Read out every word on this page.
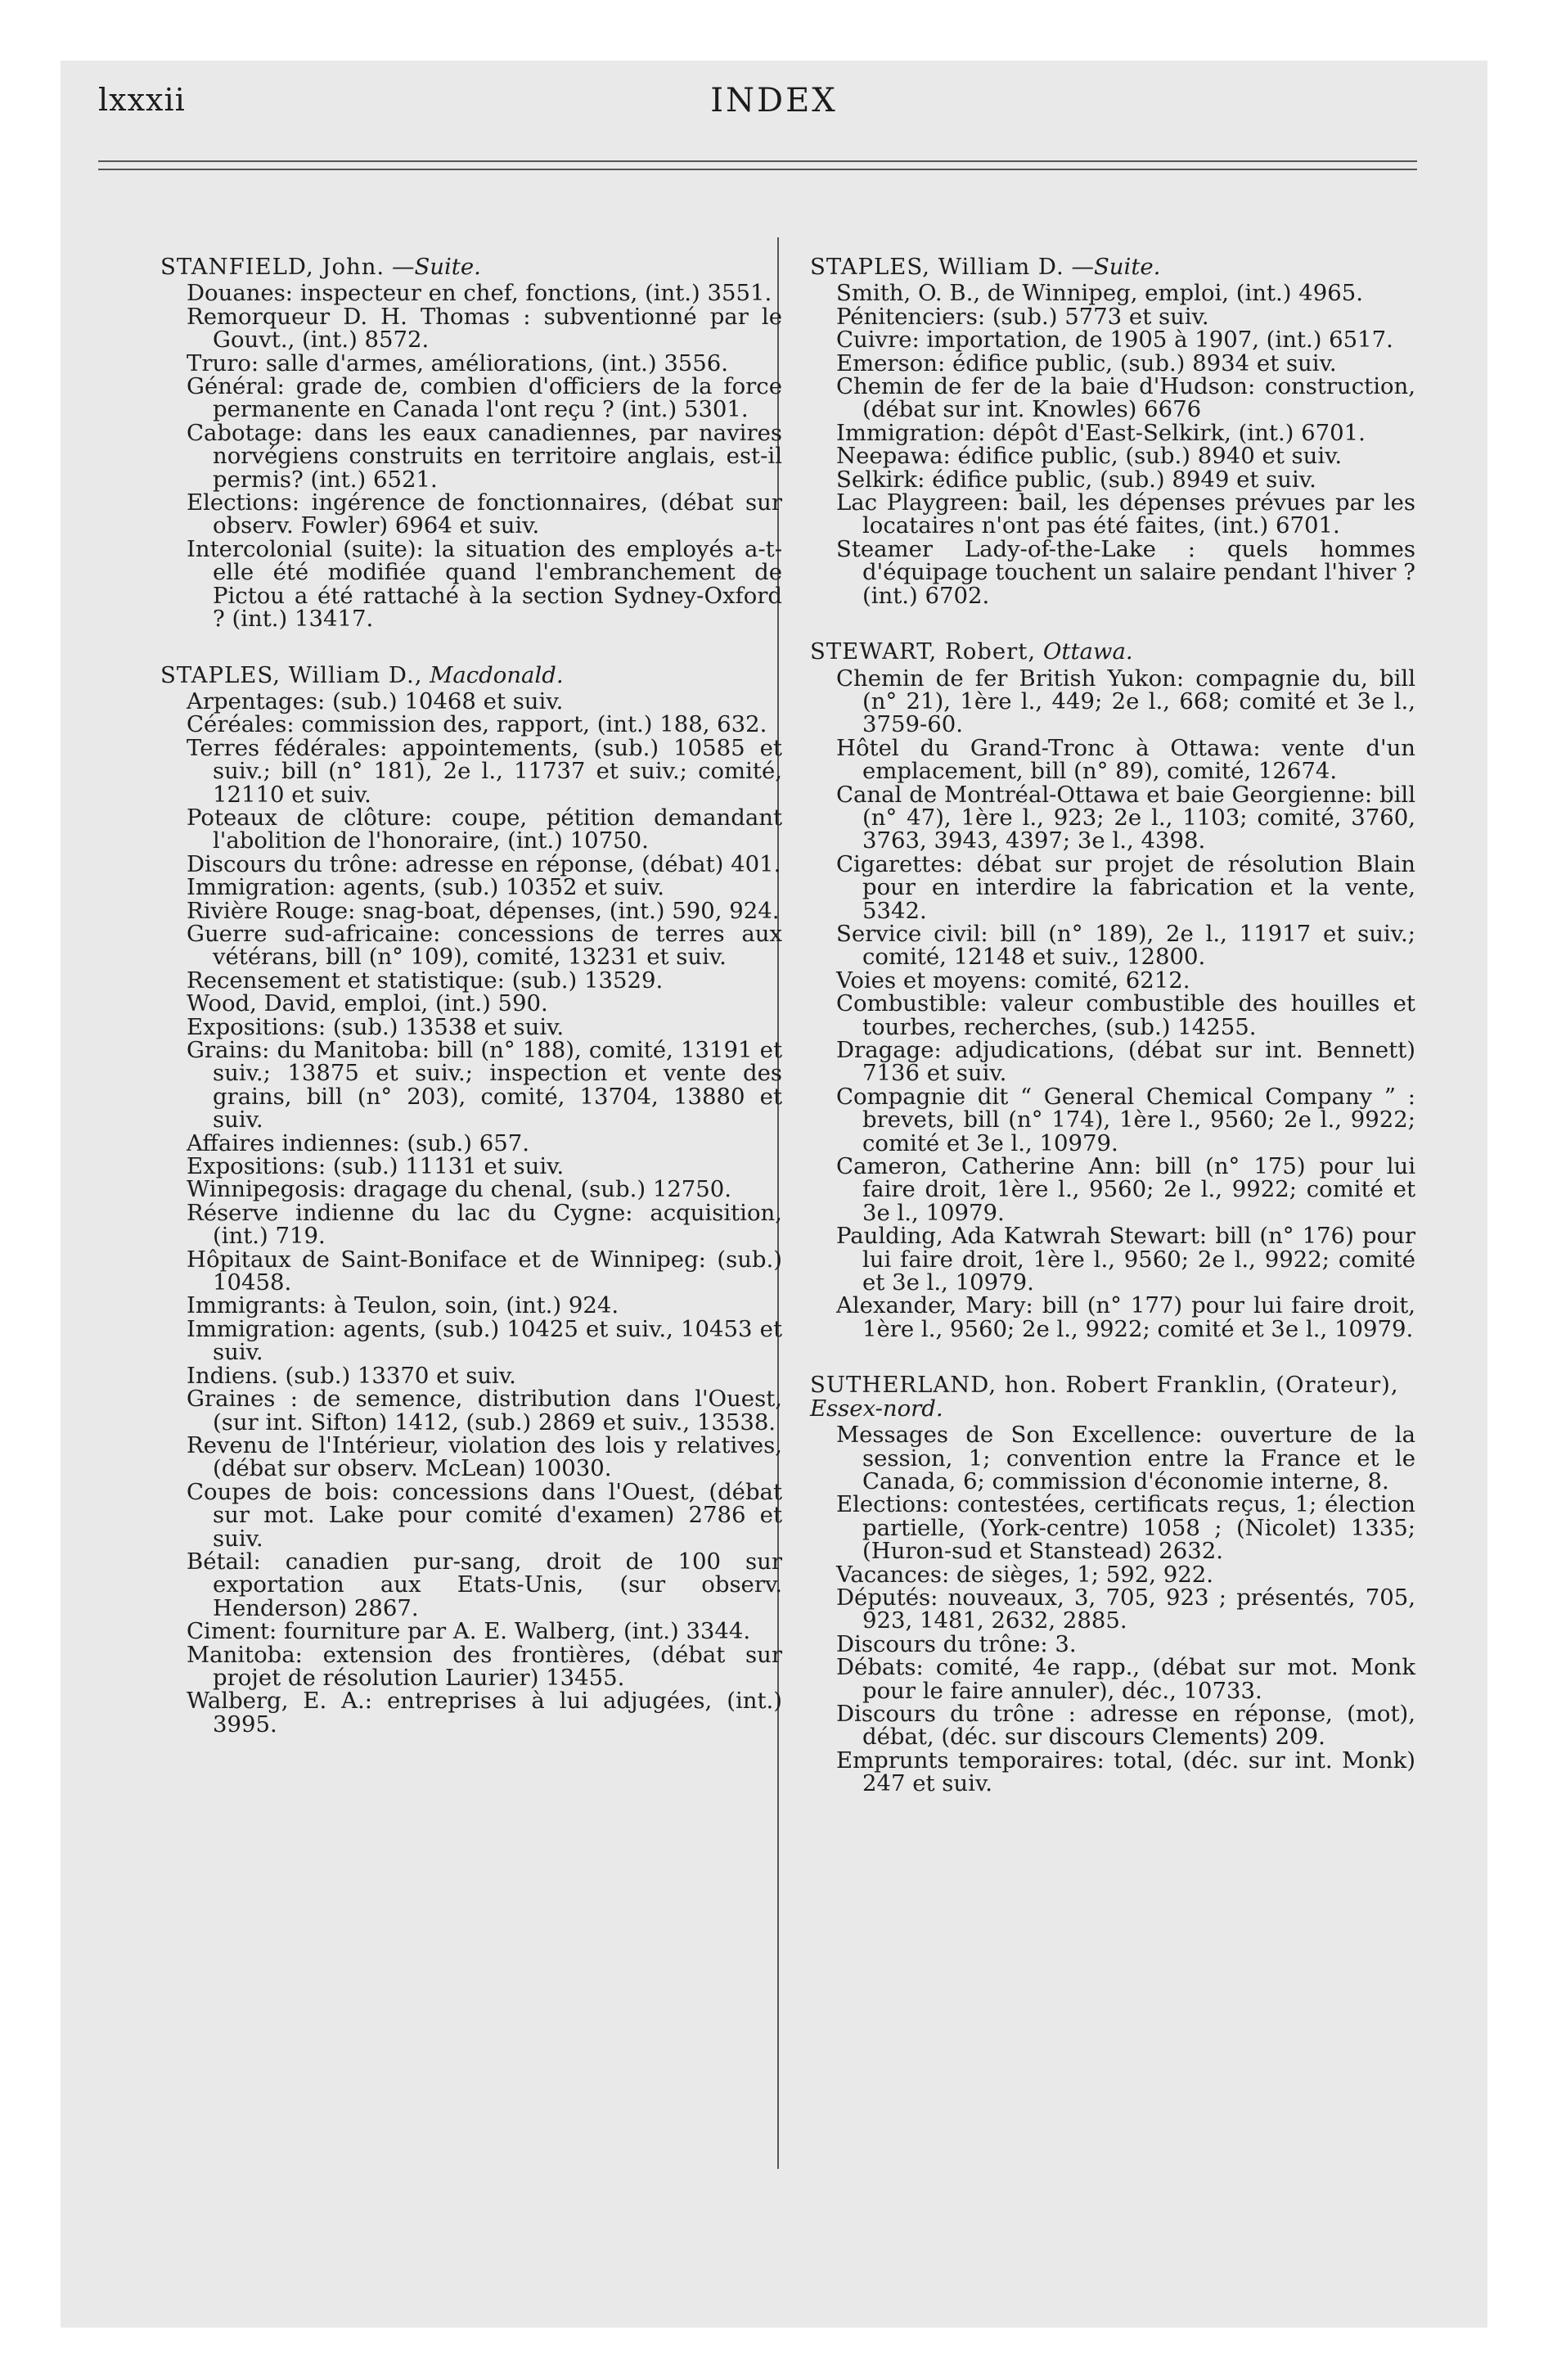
lxxxii	INDEX
STANFIELD, John. —Suite.
Douanes: inspecteur en chef, fonctions, (int.) 3551.
Remorqueur D. H. Thomas : subventionné par le Gouvt., (int.) 8572.
Truro: salle d'armes, améliorations, (int.) 3556.
Général: grade de, combien d'officiers de la force permanente en Canada l'ont reçu ? (int.) 5301.
Cabotage: dans les eaux canadiennes, par navires norvégiens construits en territoire anglais, est-il permis? (int.) 6521.
Elections: ingérence de fonctionnaires, (débat sur observ. Fowler) 6964 et suiv.
Intercolonial (suite): la situation des employés a-t-elle été modifiée quand l'embranchement de Pictou a été rattaché à la section Sydney-Oxford ? (int.) 13417.
STAPLES, William D., Macdonald.
Arpentages: (sub.) 10468 et suiv.
Céréales: commission des, rapport, (int.) 188, 632.
Terres fédérales: appointements, (sub.) 10585 et suiv.; bill (n° 181), 2e l., 11737 et suiv.; comité, 12110 et suiv.
Poteaux de clôture: coupe, pétition demandant l'abolition de l'honoraire, (int.) 10750.
Discours du trône: adresse en réponse, (débat) 401.
Immigration: agents, (sub.) 10352 et suiv.
Rivière Rouge: snag-boat, dépenses, (int.) 590, 924.
Guerre sud-africaine: concessions de terres aux vétérans, bill (n° 109), comité, 13231 et suiv.
Recensement et statistique: (sub.) 13529.
Wood, David, emploi, (int.) 590.
Expositions: (sub.) 13538 et suiv.
Grains: du Manitoba: bill (n° 188), comité, 13191 et suiv.; 13875 et suiv.; inspection et vente des grains, bill (n° 203), comité, 13704, 13880 et suiv.
Affaires indiennes: (sub.) 657.
Expositions: (sub.) 11131 et suiv.
Winnipegosis: dragage du chenal, (sub.) 12750.
Réserve indienne du lac du Cygne: acquisition, (int.) 719.
Hôpitaux de Saint-Boniface et de Winnipeg: (sub.) 10458.
Immigrants: à Teulon, soin, (int.) 924.
Immigration: agents, (sub.) 10425 et suiv., 10453 et suiv.
Indiens. (sub.) 13370 et suiv.
Graines : de semence, distribution dans l'Ouest, (sur int. Sifton) 1412, (sub.) 2869 et suiv., 13538.
Revenu de l'Intérieur, violation des lois y relatives, (débat sur observ. McLean) 10030.
Coupes de bois: concessions dans l'Ouest, (débat sur mot. Lake pour comité d'examen) 2786 et suiv.
Bétail: canadien pur-sang, droit de 100 sur exportation aux Etats-Unis, (sur observ. Henderson) 2867.
Ciment: fourniture par A. E. Walberg, (int.) 3344.
Manitoba: extension des frontières, (débat sur projet de résolution Laurier) 13455.
Walberg, E. A.: entreprises à lui adjugées, (int.) 3995.
STAPLES, William D. —Suite.
Smith, O. B., de Winnipeg, emploi, (int.) 4965.
Pénitenciers: (sub.) 5773 et suiv.
Cuivre: importation, de 1905 à 1907, (int.) 6517.
Emerson: édifice public, (sub.) 8934 et suiv.
Chemin de fer de la baie d'Hudson: construction, (débat sur int. Knowles) 6676
Immigration: dépôt d'East-Selkirk, (int.) 6701.
Neepawa: édifice public, (sub.) 8940 et suiv.
Selkirk: édifice public, (sub.) 8949 et suiv.
Lac Playgreen: bail, les dépenses prévues par les locataires n'ont pas été faites, (int.) 6701.
Steamer Lady-of-the-Lake : quels hommes d'équipage touchent un salaire pendant l'hiver ? (int.) 6702.
STEWART, Robert, Ottawa.
Chemin de fer British Yukon: compagnie du, bill (n° 21), 1ère l., 449; 2e l., 668; comité et 3e l., 3759-60.
Hôtel du Grand-Tronc à Ottawa: vente d'un emplacement, bill (n° 89), comité, 12674.
Canal de Montréal-Ottawa et baie Georgienne: bill (n° 47), 1ère l., 923; 2e l., 1103; comité, 3760, 3763, 3943, 4397; 3e l., 4398.
Cigarettes: débat sur projet de résolution Blain pour en interdire la fabrication et la vente, 5342.
Service civil: bill (n° 189), 2e l., 11917 et suiv.; comité, 12148 et suiv., 12800.
Voies et moyens: comité, 6212.
Combustible: valeur combustible des houilles et tourbes, recherches, (sub.) 14255.
Dragage: adjudications, (débat sur int. Bennett) 7136 et suiv.
Compagnie dit “ General Chemical Company ” : brevets, bill (n° 174), 1ère l., 9560; 2e l., 9922; comité et 3e l., 10979.
Cameron, Catherine Ann: bill (n° 175) pour lui faire droit, 1ère l., 9560; 2e l., 9922; comité et 3e l., 10979.
Paulding, Ada Katwrah Stewart: bill (n° 176) pour lui faire droit, 1ère l., 9560; 2e l., 9922; comité et 3e l., 10979.
Alexander, Mary: bill (n° 177) pour lui faire droit, 1ère l., 9560; 2e l., 9922; comité et 3e l., 10979.
SUTHERLAND, hon. Robert Franklin, (Orateur), Essex-nord.
Messages de Son Excellence: ouverture de la session, 1; convention entre la France et le Canada, 6; commission d'économie interne, 8.
Elections: contestées, certificats reçus, 1; élection partielle, (York-centre) 1058 ; (Nicolet) 1335; (Huron-sud et Stanstead) 2632.
Vacances: de sièges, 1; 592, 922.
Députés: nouveaux, 3, 705, 923 ; présentés, 705, 923, 1481, 2632, 2885.
Discours du trône: 3.
Débats: comité, 4e rapp., (débat sur mot. Monk pour le faire annuler), déc., 10733.
Discours du trône : adresse en réponse, (mot), débat, (déc. sur discours Clements) 209.
Emprunts temporaires: total, (déc. sur int. Monk) 247 et suiv.
